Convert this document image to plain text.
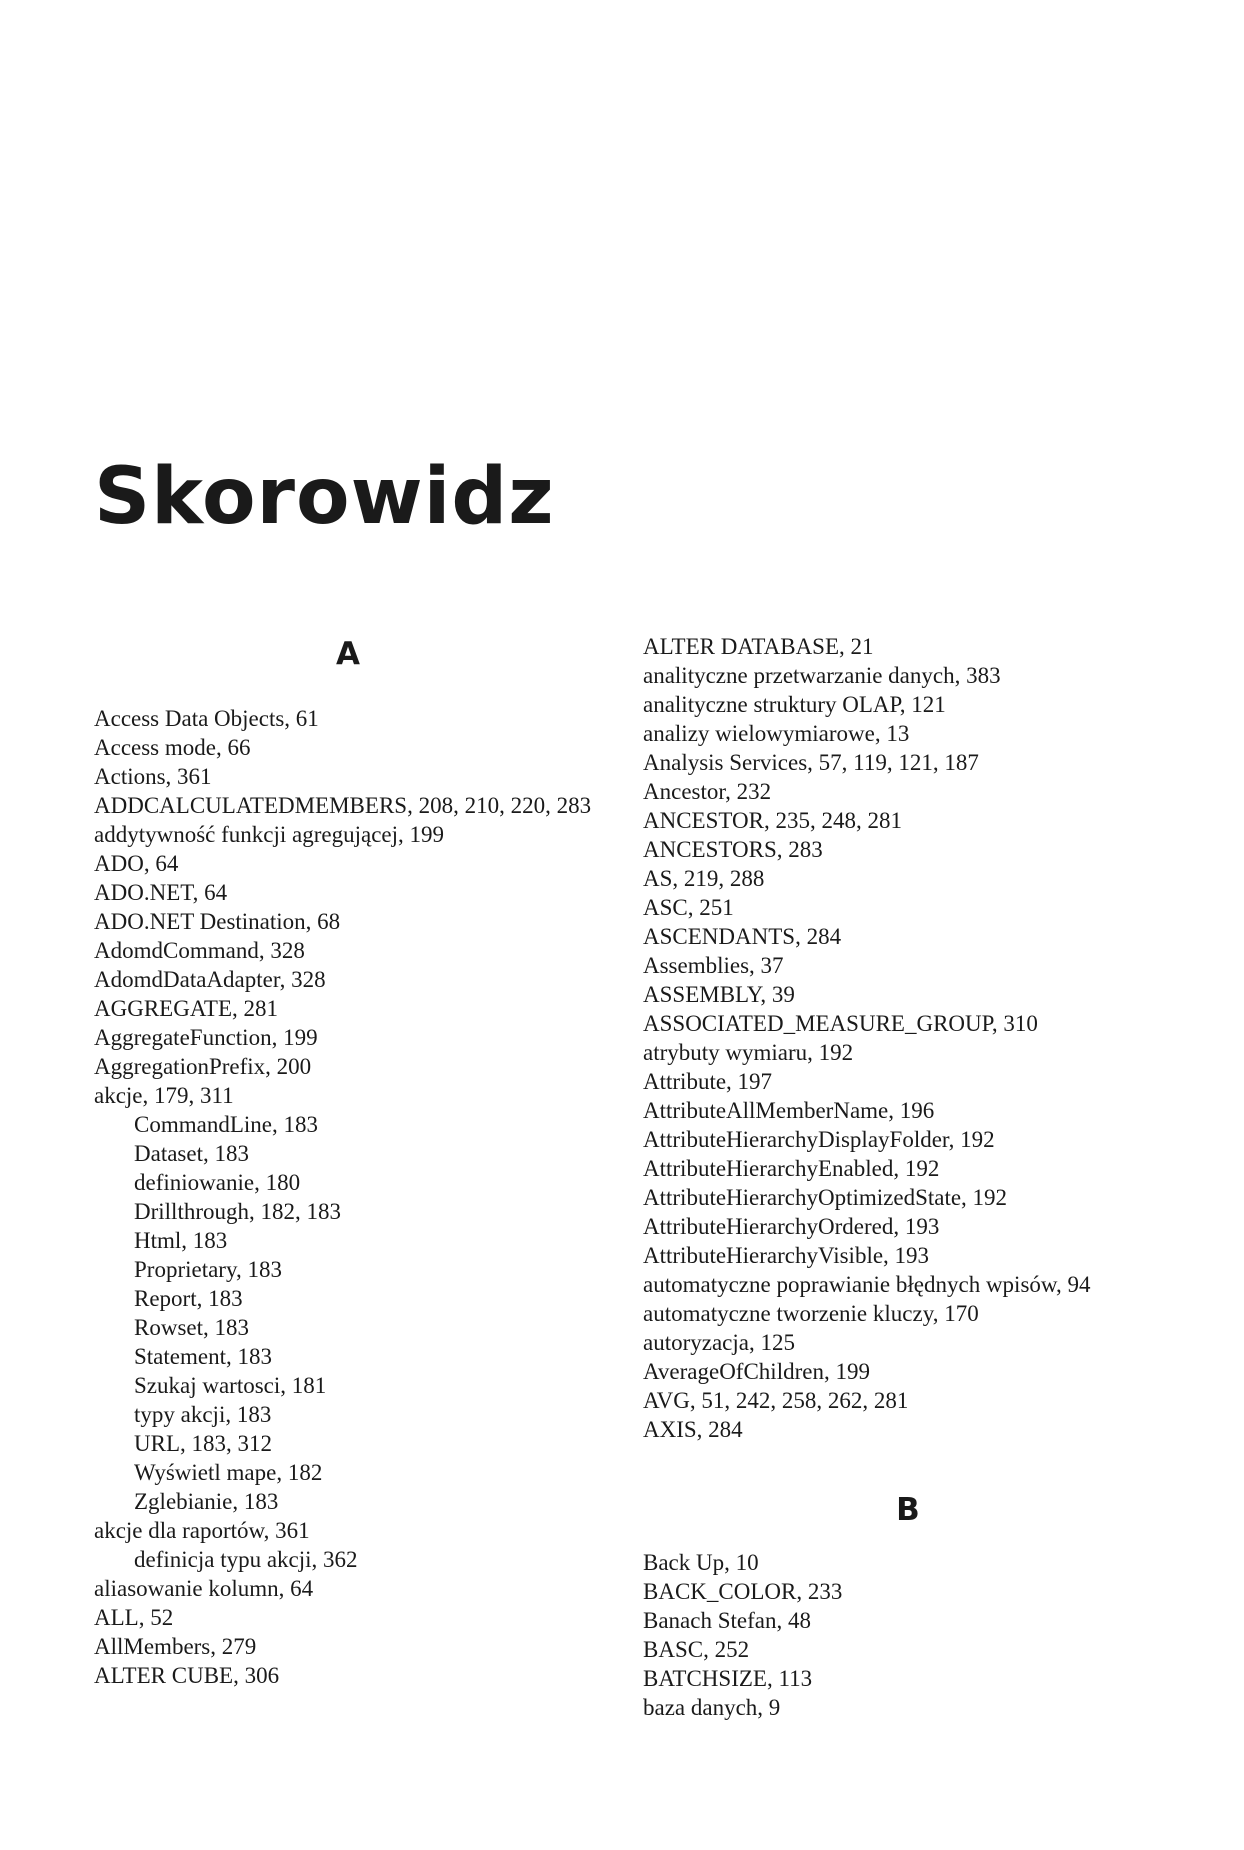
Skorowidz
A
Access Data Objects, 61
Access mode, 66
Actions, 361
ADDCALCULATEDMEMBERS, 208, 210, 220, 283
addytywność funkcji agregującej, 199
ADO, 64
ADO.NET, 64
ADO.NET Destination, 68
AdomdCommand, 328
AdomdDataAdapter, 328
AGGREGATE, 281
AggregateFunction, 199
AggregationPrefix, 200
akcje, 179, 311
CommandLine, 183
Dataset, 183
definiowanie, 180
Drillthrough, 182, 183
Html, 183
Proprietary, 183
Report, 183
Rowset, 183
Statement, 183
Szukaj wartosci, 181
typy akcji, 183
URL, 183, 312
Wyświetl mape, 182
Zglebianie, 183
akcje dla raportów, 361
definicja typu akcji, 362
aliasowanie kolumn, 64
ALL, 52
AllMembers, 279
ALTER CUBE, 306
ALTER DATABASE, 21
analityczne przetwarzanie danych, 383
analityczne struktury OLAP, 121
analizy wielowymiarowe, 13
Analysis Services, 57, 119, 121, 187
Ancestor, 232
ANCESTOR, 235, 248, 281
ANCESTORS, 283
AS, 219, 288
ASC, 251
ASCENDANTS, 284
Assemblies, 37
ASSEMBLY, 39
ASSOCIATED_MEASURE_GROUP, 310
atrybuty wymiaru, 192
Attribute, 197
AttributeAllMemberName, 196
AttributeHierarchyDisplayFolder, 192
AttributeHierarchyEnabled, 192
AttributeHierarchyOptimizedState, 192
AttributeHierarchyOrdered, 193
AttributeHierarchyVisible, 193
automatyczne poprawianie błędnych wpisów, 94
automatyczne tworzenie kluczy, 170
autoryzacja, 125
AverageOfChildren, 199
AVG, 51, 242, 258, 262, 281
AXIS, 284
B
Back Up, 10
BACK_COLOR, 233
Banach Stefan, 48
BASC, 252
BATCHSIZE, 113
baza danych, 9
